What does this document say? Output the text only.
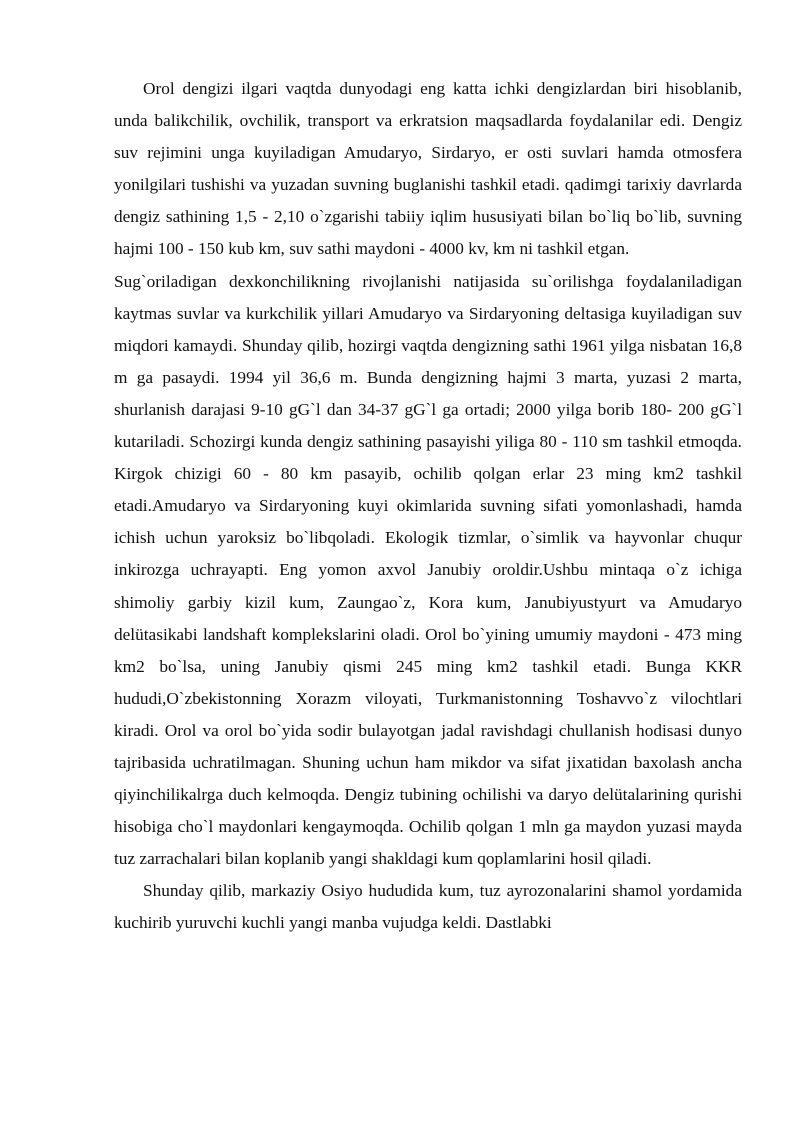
Orol dengizi ilgari vaqtda dunyodagi eng katta ichki dengizlardan biri hisoblanib, unda balikchilik, ovchilik, transport va erkratsion maqsadlarda foydalanilar edi. Dengiz suv rejimini unga kuyiladigan Amudaryo, Sirdaryo, er osti suvlari hamda otmosfera yonilgilari tushishi va yuzadan suvning buglanishi tashkil etadi. qadimgi tarixiy davrlarda dengiz sathining 1,5 - 2,10 o`zgarishi tabiiy iqlim hususiyati bilan bo`liq bo`lib, suvning hajmi 100 - 150 kub km, suv sathi maydoni - 4000 kv, km ni tashkil etgan.

Sug`oriladigan dexkonchilikning rivojlanishi natijasida su`orilishga foydalaniladigan kaytmas suvlar va kurkchilik yillari Amudaryo va Sirdaryoning deltasiga kuyiladigan suv miqdori kamaydi. Shunday qilib, hozirgi vaqtda dengizning sathi 1961 yilga nisbatan 16,8 m ga pasaydi. 1994 yil 36,6 m. Bunda dengizning hajmi 3 marta, yuzasi 2 marta, shurlanish darajasi 9-10 gG`l dan 34-37 gG`l ga ortadi; 2000 yilga borib 180- 200 gG`l kutariladi. Schozirgi kunda dengiz sathining pasayishi yiliga 80 - 110 sm tashkil etmoqda. Kirgok chizigi 60 - 80 km pasayib, ochilib qolgan erlar 23 ming km2 tashkil etadi.Amudaryo va Sirdaryoning kuyi okimlarida suvning sifati yomonlashadi, hamda ichish uchun yaroksiz bo`libqoladi. Ekologik tizmlar, o`simlik va hayvonlar chuqur inkirozga uchrayapti. Eng yomon axvol Janubiy oroldir.Ushbu mintaqa o`z ichiga shimoliy garbiy kizil kum, Zaungao`z, Kora kum, Janubiyustyurt va Amudaryo delütasikabi landshaft komplekslarini oladi. Orol bo`yining umumiy maydoni - 473 ming km2 bo`lsa, uning Janubiy qismi 245 ming km2 tashkil etadi. Bunga KKR hududi,O`zbekistonning Xorazm viloyati, Turkmanistonning Toshavvo`z vilochtlari kiradi. Orol va orol bo`yida sodir bulayotgan jadal ravishdagi chullanish hodisasi dunyo tajribasida uchratilmagan. Shuning uchun ham mikdor va sifat jixatidan baxolash ancha qiyinchilikalrga duch kelmoqda. Dengiz tubining ochilishi va daryo delütalarining qurishi hisobiga cho`l maydonlari kengaymoqda. Ochilib qolgan 1 mln ga maydon yuzasi mayda tuz zarrachalari bilan koplanib yangi shakldagi kum qoplamlarini hosil qiladi.

Shunday qilib, markaziy Osiyo hududida kum, tuz ayrozonalarini shamol yordamida kuchirib yuruvchi kuchli yangi manba vujudga keldi. Dastlabki
